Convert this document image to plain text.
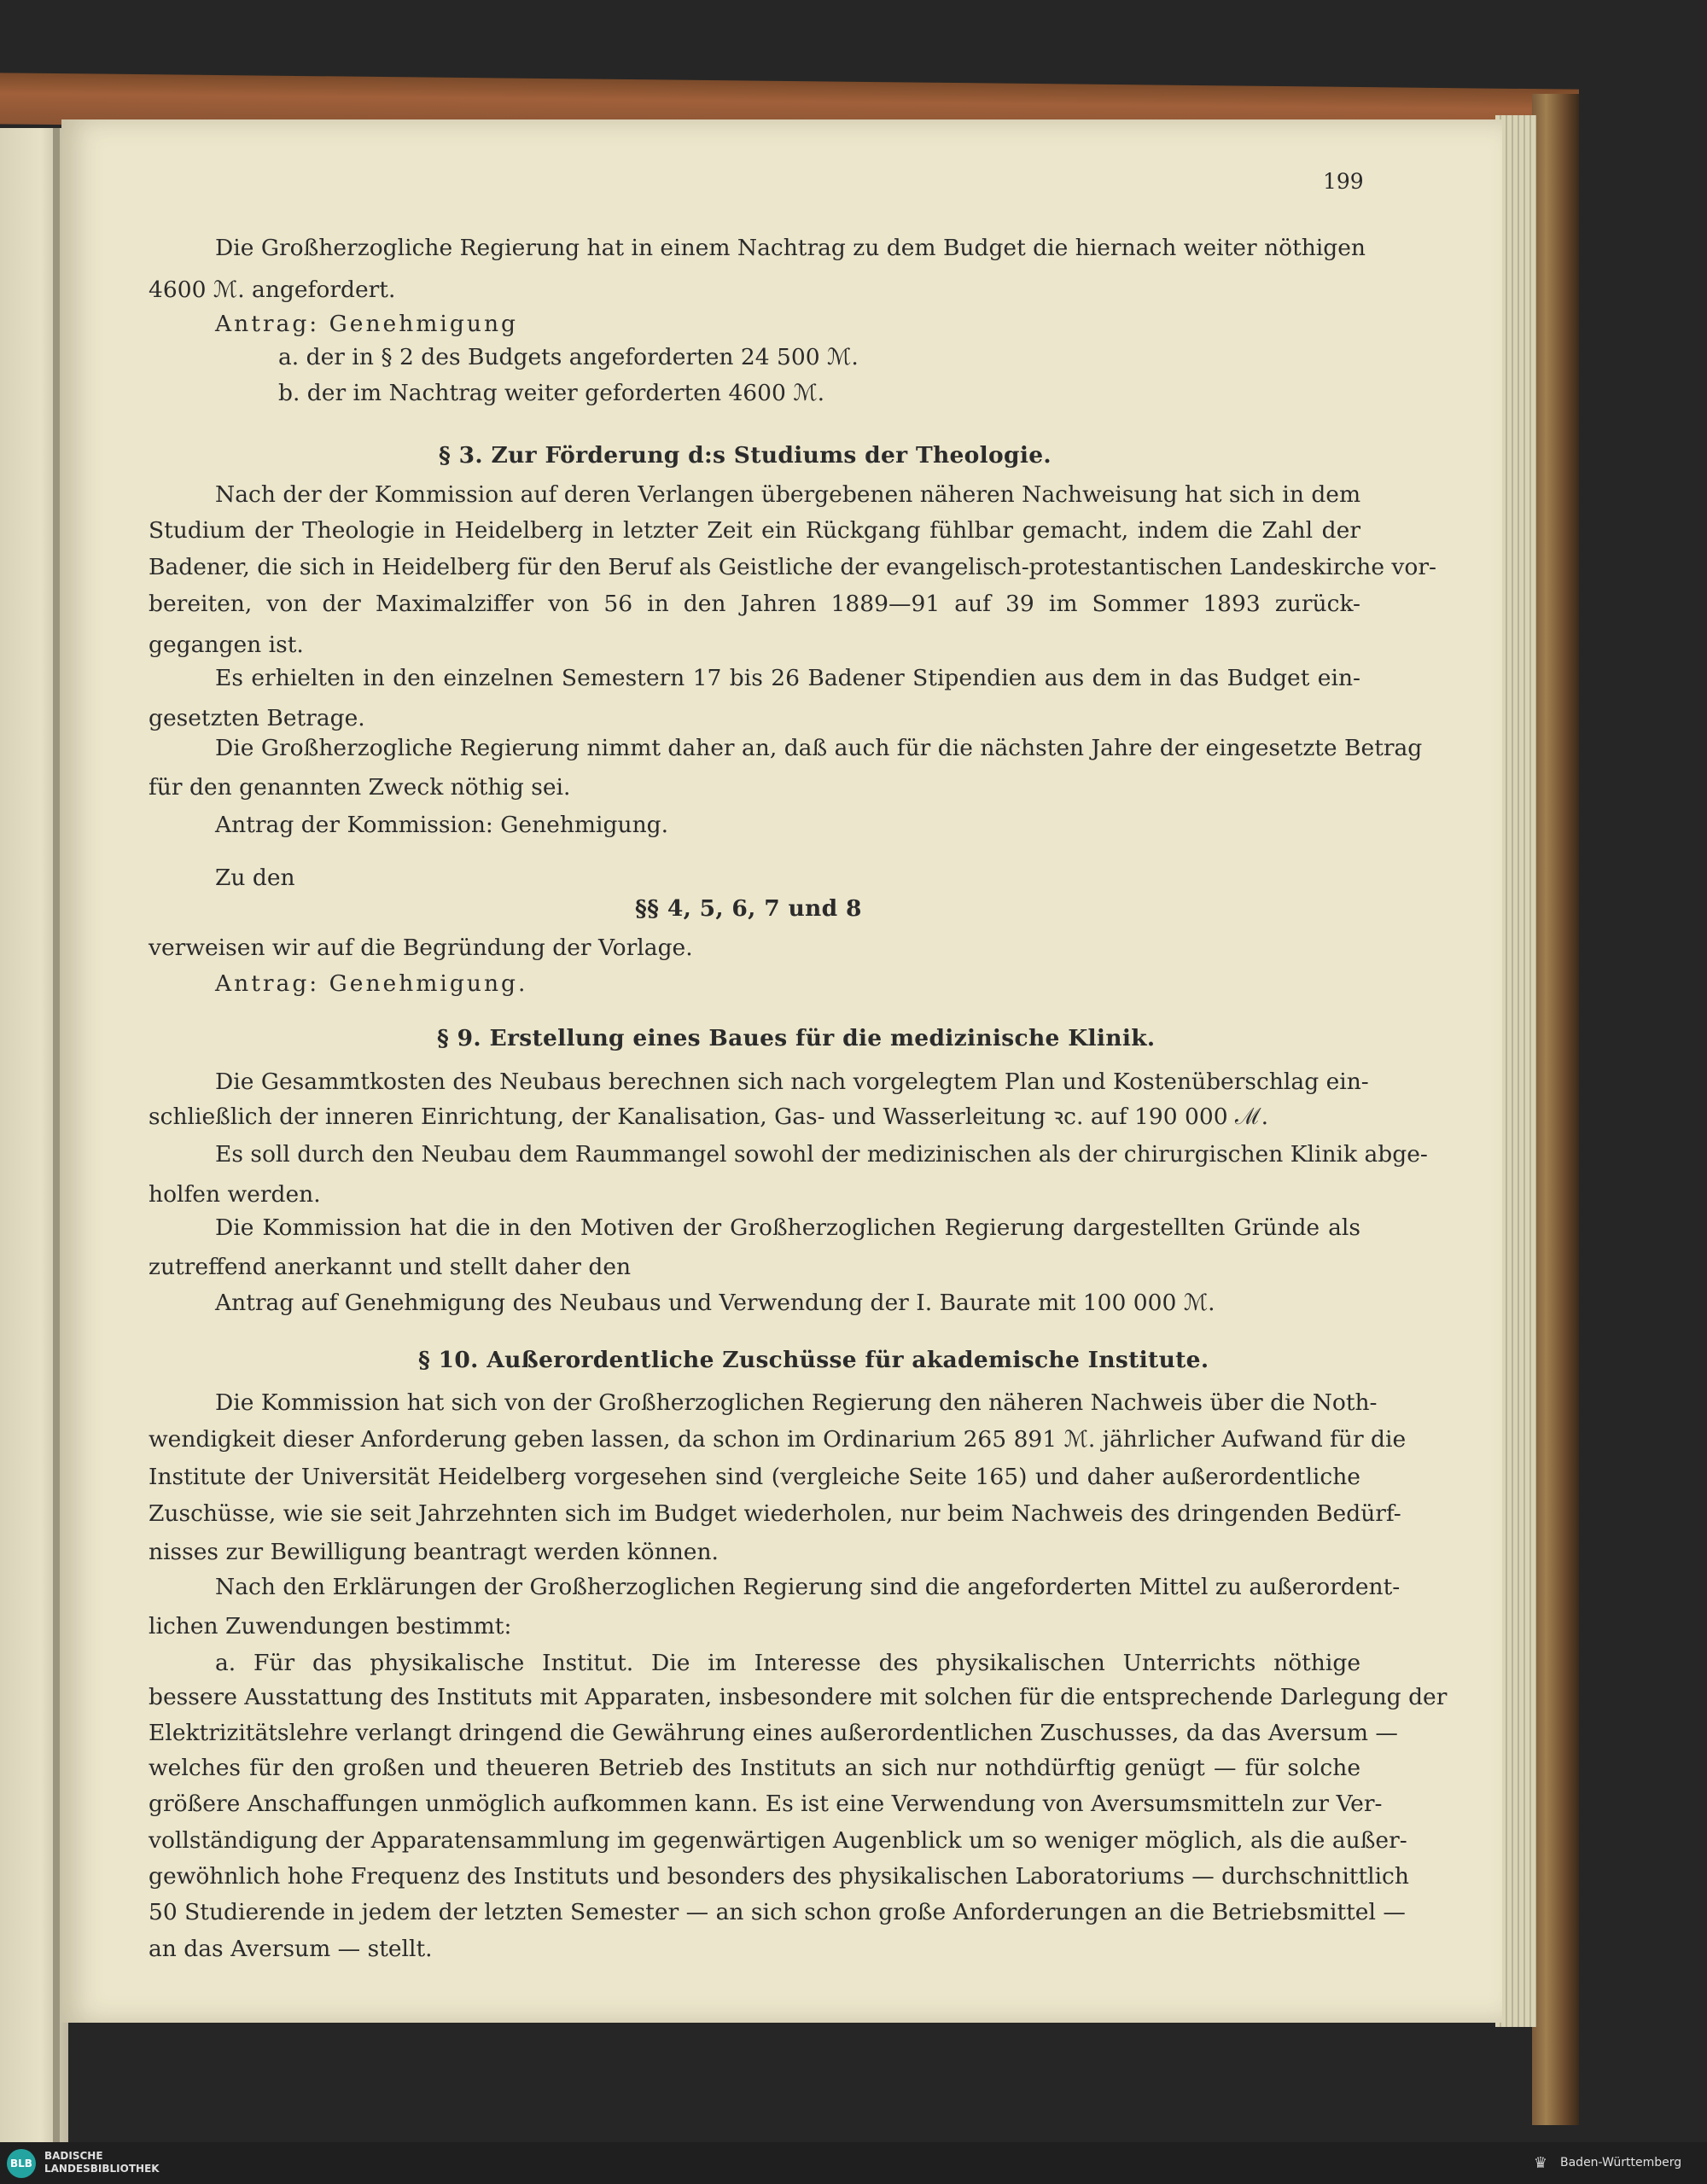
199

Die Großherzogliche Regierung hat in einem Nachtrag zu dem Budget die hiernach weiter nöthigen

4600 ℳ. angefordert.

Antrag: Genehmigung

a. der in § 2 des Budgets angeforderten 24 500 ℳ.

b. der im Nachtrag weiter geforderten 4600 ℳ.

§ 3. Zur Förderung d:s Studiums der Theologie.

Nach der der Kommission auf deren Verlangen übergebenen näheren Nachweisung hat sich in dem

Studium der Theologie in Heidelberg in letzter Zeit ein Rückgang fühlbar gemacht, indem die Zahl der

Badener, die sich in Heidelberg für den Beruf als Geistliche der evangelisch-protestantischen Landeskirche vor-

bereiten, von der Maximalziffer von 56 in den Jahren 1889—91 auf 39 im Sommer 1893 zurück-

gegangen ist.

Es erhielten in den einzelnen Semestern 17 bis 26 Badener Stipendien aus dem in das Budget ein-

gesetzten Betrage.

Die Großherzogliche Regierung nimmt daher an, daß auch für die nächsten Jahre der eingesetzte Betrag

für den genannten Zweck nöthig sei.

Antrag der Kommission: Genehmigung.

Zu den

§§ 4, 5, 6, 7 und 8

verweisen wir auf die Begründung der Vorlage.

Antrag: Genehmigung.

§ 9. Erstellung eines Baues für die medizinische Klinik.

Die Gesammtkosten des Neubaus berechnen sich nach vorgelegtem Plan und Kostenüberschlag ein-

schließlich der inneren Einrichtung, der Kanalisation, Gas- und Wasserleitung ꝛc. auf 190 000 ℳ.

Es soll durch den Neubau dem Raummangel sowohl der medizinischen als der chirurgischen Klinik abge-

holfen werden.

Die Kommission hat die in den Motiven der Großherzoglichen Regierung dargestellten Gründe als

zutreffend anerkannt und stellt daher den

Antrag auf Genehmigung des Neubaus und Verwendung der I. Baurate mit 100 000 ℳ.

§ 10. Außerordentliche Zuschüsse für akademische Institute.

Die Kommission hat sich von der Großherzoglichen Regierung den näheren Nachweis über die Noth-

wendigkeit dieser Anforderung geben lassen, da schon im Ordinarium 265 891 ℳ. jährlicher Aufwand für die

Institute der Universität Heidelberg vorgesehen sind (vergleiche Seite 165) und daher außerordentliche

Zuschüsse, wie sie seit Jahrzehnten sich im Budget wiederholen, nur beim Nachweis des dringenden Bedürf-

nisses zur Bewilligung beantragt werden können.

Nach den Erklärungen der Großherzoglichen Regierung sind die angeforderten Mittel zu außerordent-

lichen Zuwendungen bestimmt:

a. Für das physikalische Institut. Die im Interesse des physikalischen Unterrichts nöthige

bessere Ausstattung des Instituts mit Apparaten, insbesondere mit solchen für die entsprechende Darlegung der

Elektrizitätslehre verlangt dringend die Gewährung eines außerordentlichen Zuschusses, da das Aversum —

welches für den großen und theueren Betrieb des Instituts an sich nur nothdürftig genügt — für solche

größere Anschaffungen unmöglich aufkommen kann. Es ist eine Verwendung von Aversumsmitteln zur Ver-

vollständigung der Apparatensammlung im gegenwärtigen Augenblick um so weniger möglich, als die außer-

gewöhnlich hohe Frequenz des Instituts und besonders des physikalischen Laboratoriums — durchschnittlich

50 Studierende in jedem der letzten Semester — an sich schon große Anforderungen an die Betriebsmittel —

an das Aversum — stellt.

BLB
BADISCHE
LANDESBIBLIOTHEK	♛	Baden-Württemberg
